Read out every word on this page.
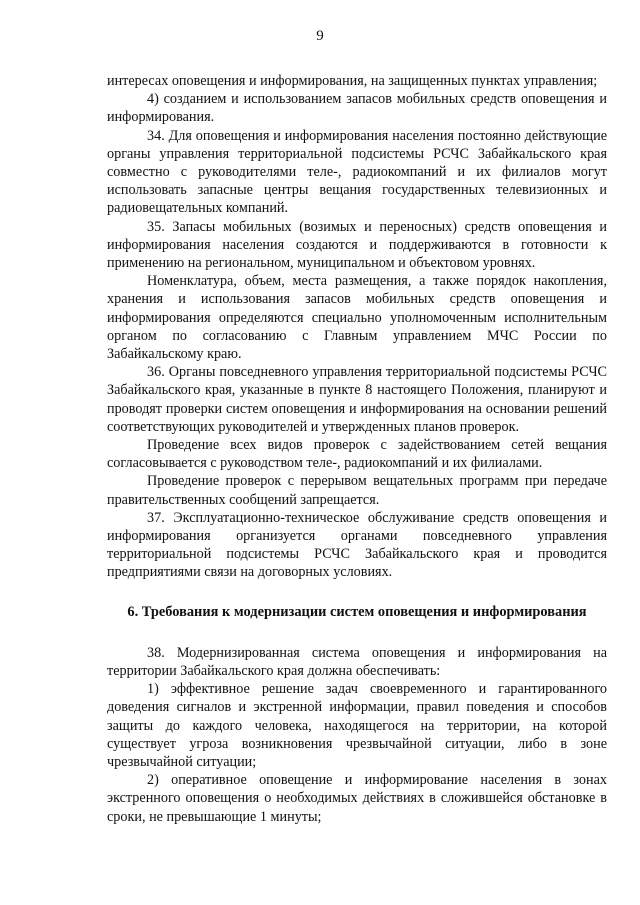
9

интересах оповещения и информирования, на защищенных пунктах управления;

4) созданием и использованием запасов мобильных средств оповещения и информирования.

34. Для оповещения и информирования населения постоянно действующие органы управления территориальной подсистемы РСЧС Забайкальского края совместно с руководителями теле-, радиокомпаний и их филиалов могут использовать запасные центры вещания государственных телевизионных и радиовещательных компаний.

35. Запасы мобильных (возимых и переносных) средств оповещения и информирования населения создаются и поддерживаются в готовности к применению на региональном, муниципальном и объектовом уровнях.

Номенклатура, объем, места размещения, а также порядок накопления, хранения и использования запасов мобильных средств оповещения и информирования определяются специально уполномоченным исполнительным органом по согласованию с Главным управлением МЧС России по Забайкальскому краю.

36. Органы повседневного управления территориальной подсистемы РСЧС Забайкальского края, указанные в пункте 8 настоящего Положения, планируют и проводят проверки систем оповещения и информирования на основании решений соответствующих руководителей и утвержденных планов проверок.

Проведение всех видов проверок с задействованием сетей вещания согласовывается с руководством теле-, радиокомпаний и их филиалами.

Проведение проверок с перерывом вещательных программ при передаче правительственных сообщений запрещается.

37. Эксплуатационно-техническое обслуживание средств оповещения и информирования организуется органами повседневного управления территориальной подсистемы РСЧС Забайкальского края и проводится предприятиями связи на договорных условиях.

6. Требования к модернизации систем оповещения и информирования

38. Модернизированная система оповещения и информирования на территории Забайкальского края должна обеспечивать:

1) эффективное решение задач своевременного и гарантированного доведения сигналов и экстренной информации, правил поведения и способов защиты до каждого человека, находящегося на территории, на которой существует угроза возникновения чрезвычайной ситуации, либо в зоне чрезвычайной ситуации;

2) оперативное оповещение и информирование населения в зонах экстренного оповещения о необходимых действиях в сложившейся обстановке в сроки, не превышающие 1 минуты;
